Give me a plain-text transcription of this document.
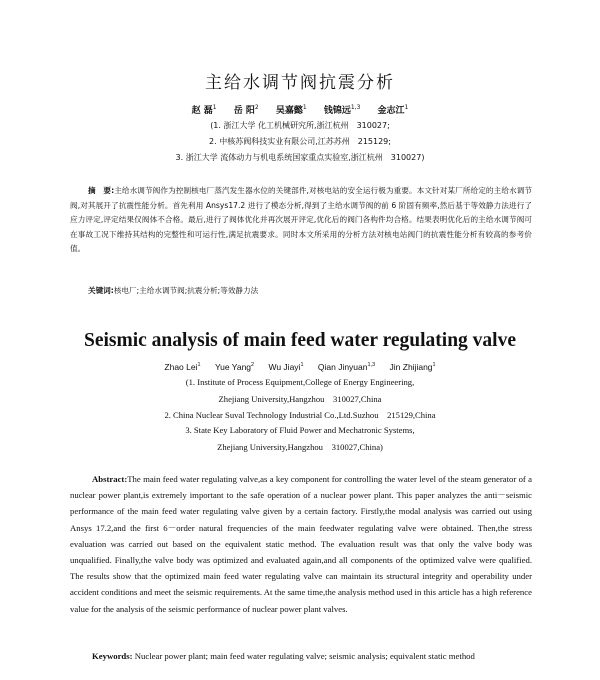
主给水调节阀抗震分析
赵 磊$^1$ 岳 阳$^2$ 吴嘉懿$^1$ 钱锦远$^{1,3}$ 金志江$^1$
(1. 浙江大学 化工机械研究所,浙江杭州　310027;
2. 中核苏阀科技实业有限公司,江苏苏州　215129;
3. 浙江大学 流体动力与机电系统国家重点实验室,浙江杭州　310027)
摘　要:主给水调节阀作为控制核电厂蒸汽发生器水位的关键部件,对核电站的安全运行极为重要。本文针对某厂所给定的主给水调节阀,对其展开了抗震性能分析。首先利用 Ansys17.2 进行了模态分析,得到了主给水调节阀的前 6 阶固有频率,然后基于等效静力法进行了应力评定,评定结果仅阀体不合格。最后,进行了阀体优化并再次展开评定,优化后的阀门各构件均合格。结果表明优化后的主给水调节阀可在事故工况下维持其结构的完整性和可运行性,满足抗震要求。同时本文所采用的分析方法对核电站阀门的抗震性能分析有较高的参考价值。
关键词:核电厂;主给水调节阀;抗震分析;等效静力法
Seismic analysis of main feed water regulating valve
Zhao Lei$^1$ Yue Yang$^2$ Wu Jiayi$^1$ Qian Jinyuan$^{1,3}$ Jin Zhijiang$^1$
(1. Institute of Process Equipment,College of Energy Engineering,
Zhejiang University,Hangzhou　310027,China
2. China Nuclear Suval Technology Industrial Co.,Ltd.Suzhou　215129,China
3. State Key Laboratory of Fluid Power and Mechatronic Systems,
Zhejiang University,Hangzhou　310027,China)
Abstract:The main feed water regulating valve,as a key component for controlling the water level of the steam generator of a nuclear power plant,is extremely important to the safe operation of a nuclear power plant. This paper analyzes the anti－seismic performance of the main feed water regulating valve given by a certain factory. Firstly,the modal analysis was carried out using Ansys 17.2,and the first 6－order natural frequencies of the main feedwater regulating valve were obtained. Then,the stress evaluation was carried out based on the equivalent static method. The evaluation result was that only the valve body was unqualified. Finally,the valve body was optimized and evaluated again,and all components of the optimized valve were qualified. The results show that the optimized main feed water regulating valve can maintain its structural integrity and operability under accident conditions and meet the seismic requirements. At the same time,the analysis method used in this article has a high reference value for the analysis of the seismic performance of nuclear power plant valves.
Keywords: Nuclear power plant; main feed water regulating valve; seismic analysis; equivalent static method
